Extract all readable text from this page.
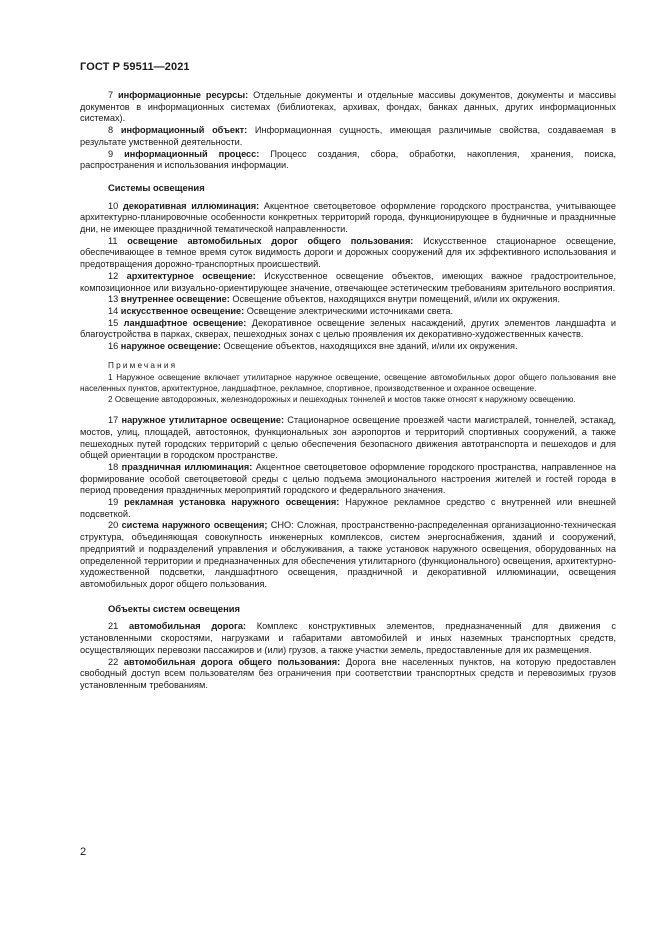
ГОСТ Р 59511—2021

7 информационные ресурсы: Отдельные документы и отдельные массивы документов, документы и массивы документов в информационных системах (библиотеках, архивах, фондах, банках данных, других информационных системах).

8 информационный объект: Информационная сущность, имеющая различимые свойства, создаваемая в результате умственной деятельности.

9 информационный процесс: Процесс создания, сбора, обработки, накопления, хранения, поиска, распространения и использования информации.

Системы освещения

10 декоративная иллюминация: Акцентное светоцветовое оформление городского пространства, учитывающее архитектурно-планировочные особенности конкретных территорий города, функционирующее в будничные и праздничные дни, не имеющее праздничной тематической направленности.

11 освещение автомобильных дорог общего пользования: Искусственное стационарное освещение, обеспечивающее в темное время суток видимость дороги и дорожных сооружений для их эффективного использования и предотвращения дорожно-транспортных происшествий.

12 архитектурное освещение: Искусственное освещение объектов, имеющих важное градостроительное, композиционное или визуально-ориентирующее значение, отвечающее эстетическим требованиям зрительного восприятия.

13 внутреннее освещение: Освещение объектов, находящихся внутри помещений, и/или их окружения.

14 искусственное освещение: Освещение электрическими источниками света.

15 ландшафтное освещение: Декоративное освещение зеленых насаждений, других элементов ландшафта и благоустройства в парках, скверах, пешеходных зонах с целью проявления их декоративно-художественных качеств.

16 наружное освещение: Освещение объектов, находящихся вне зданий, и/или их окружения.

Примечания

1 Наружное освещение включает утилитарное наружное освещение, освещение автомобильных дорог общего пользования вне населенных пунктов, архитектурное, ландшафтное, рекламное, спортивное, производственное и охранное освещение.

2 Освещение автодорожных, железнодорожных и пешеходных тоннелей и мостов также относят к наружному освещению.

17 наружное утилитарное освещение: Стационарное освещение проезжей части магистралей, тоннелей, эстакад, мостов, улиц, площадей, автостоянок, функциональных зон аэропортов и территорий спортивных сооружений, а также пешеходных путей городских территорий с целью обеспечения безопасного движения автотранспорта и пешеходов и для общей ориентации в городском пространстве.

18 праздничная иллюминация: Акцентное светоцветовое оформление городского пространства, направленное на формирование особой светоцветовой среды с целью подъема эмоционального настроения жителей и гостей города в период проведения праздничных мероприятий городского и федерального значения.

19 рекламная установка наружного освещения: Наружное рекламное средство с внутренней или внешней подсветкой.

20 система наружного освещения; СНО: Сложная, пространственно-распределенная организационно-техническая структура, объединяющая совокупность инженерных комплексов, систем энергоснабжения, зданий и сооружений, предприятий и подразделений управления и обслуживания, а также установок наружного освещения, оборудованных на определенной территории и предназначенных для обеспечения утилитарного (функционального) освещения, архитектурно-художественной подсветки, ландшафтного освещения, праздничной и декоративной иллюминации, освещения автомобильных дорог общего пользования.

Объекты систем освещения

21 автомобильная дорога: Комплекс конструктивных элементов, предназначенный для движения с установленными скоростями, нагрузками и габаритами автомобилей и иных наземных транспортных средств, осуществляющих перевозки пассажиров и (или) грузов, а также участки земель, предоставленные для их размещения.

22 автомобильная дорога общего пользования: Дорога вне населенных пунктов, на которую предоставлен свободный доступ всем пользователям без ограничения при соответствии транспортных средств и перевозимых грузов установленным требованиям.

2
